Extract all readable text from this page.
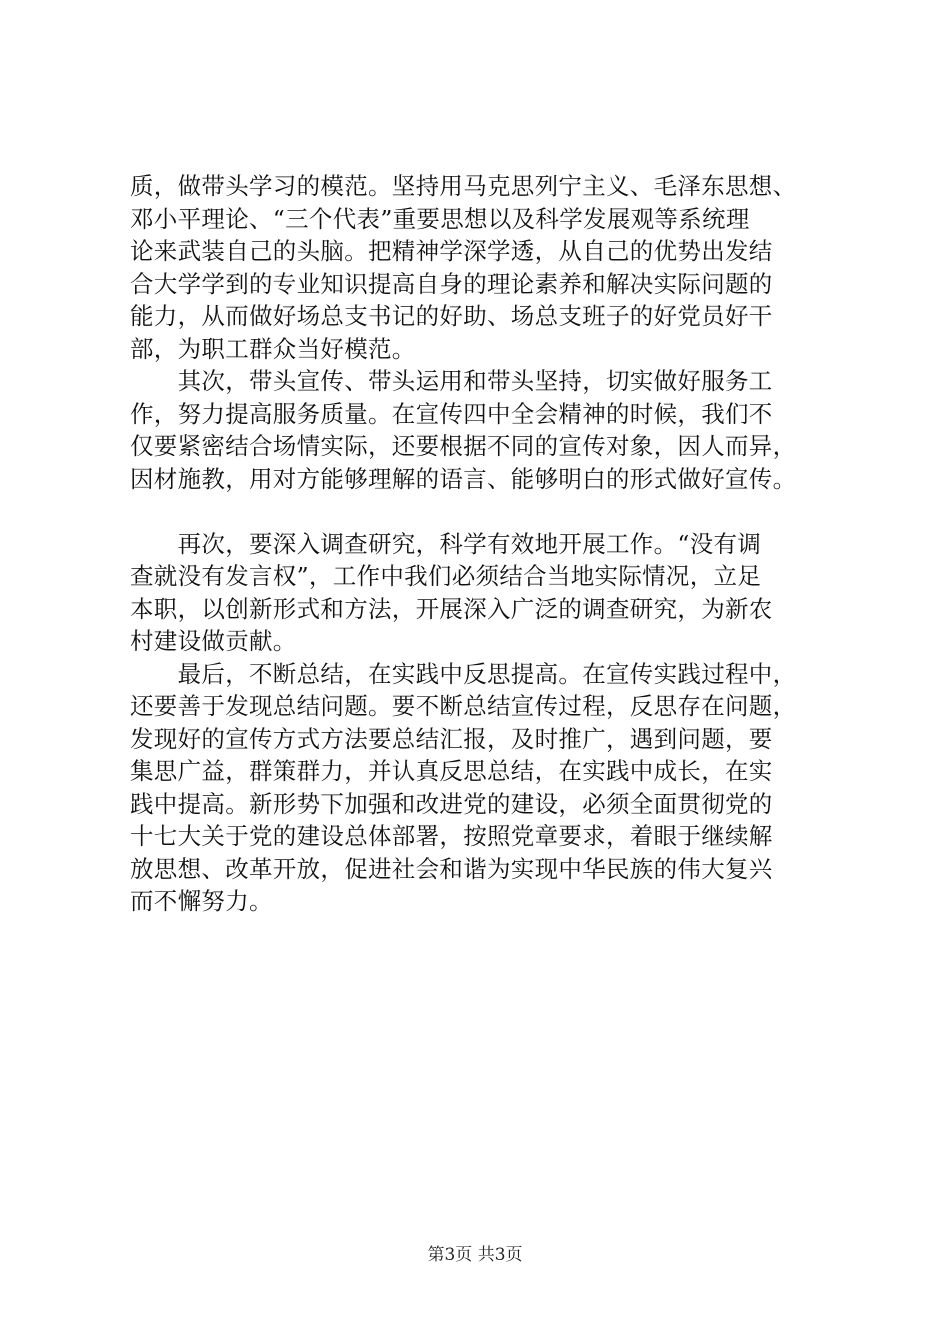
质，做带头学习的模范。坚持用马克思列宁主义、毛泽东思想、
邓小平理论、“三个代表”重要思想以及科学发展观等系统理
论来武装自己的头脑。把精神学深学透，从自己的优势出发结
合大学学到的专业知识提高自身的理论素养和解决实际问题的
能力，从而做好场总支书记的好助、场总支班子的好党员好干
部，为职工群众当好模范。
　　其次，带头宣传、带头运用和带头坚持，切实做好服务工
作，努力提高服务质量。在宣传四中全会精神的时候，我们不
仅要紧密结合场情实际，还要根据不同的宣传对象，因人而异，
因材施教，用对方能够理解的语言、能够明白的形式做好宣传。
　　再次，要深入调查研究，科学有效地开展工作。“没有调
查就没有发言权”，工作中我们必须结合当地实际情况，立足
本职，以创新形式和方法，开展深入广泛的调查研究，为新农
村建设做贡献。
　　最后，不断总结，在实践中反思提高。在宣传实践过程中，
还要善于发现总结问题。要不断总结宣传过程，反思存在问题，
发现好的宣传方式方法要总结汇报，及时推广，遇到问题，要
集思广益，群策群力，并认真反思总结，在实践中成长，在实
践中提高。新形势下加强和改进党的建设，必须全面贯彻党的
十七大关于党的建设总体部署，按照党章要求，着眼于继续解
放思想、改革开放，促进社会和谐为实现中华民族的伟大复兴
而不懈努力。
第3页 共3页
